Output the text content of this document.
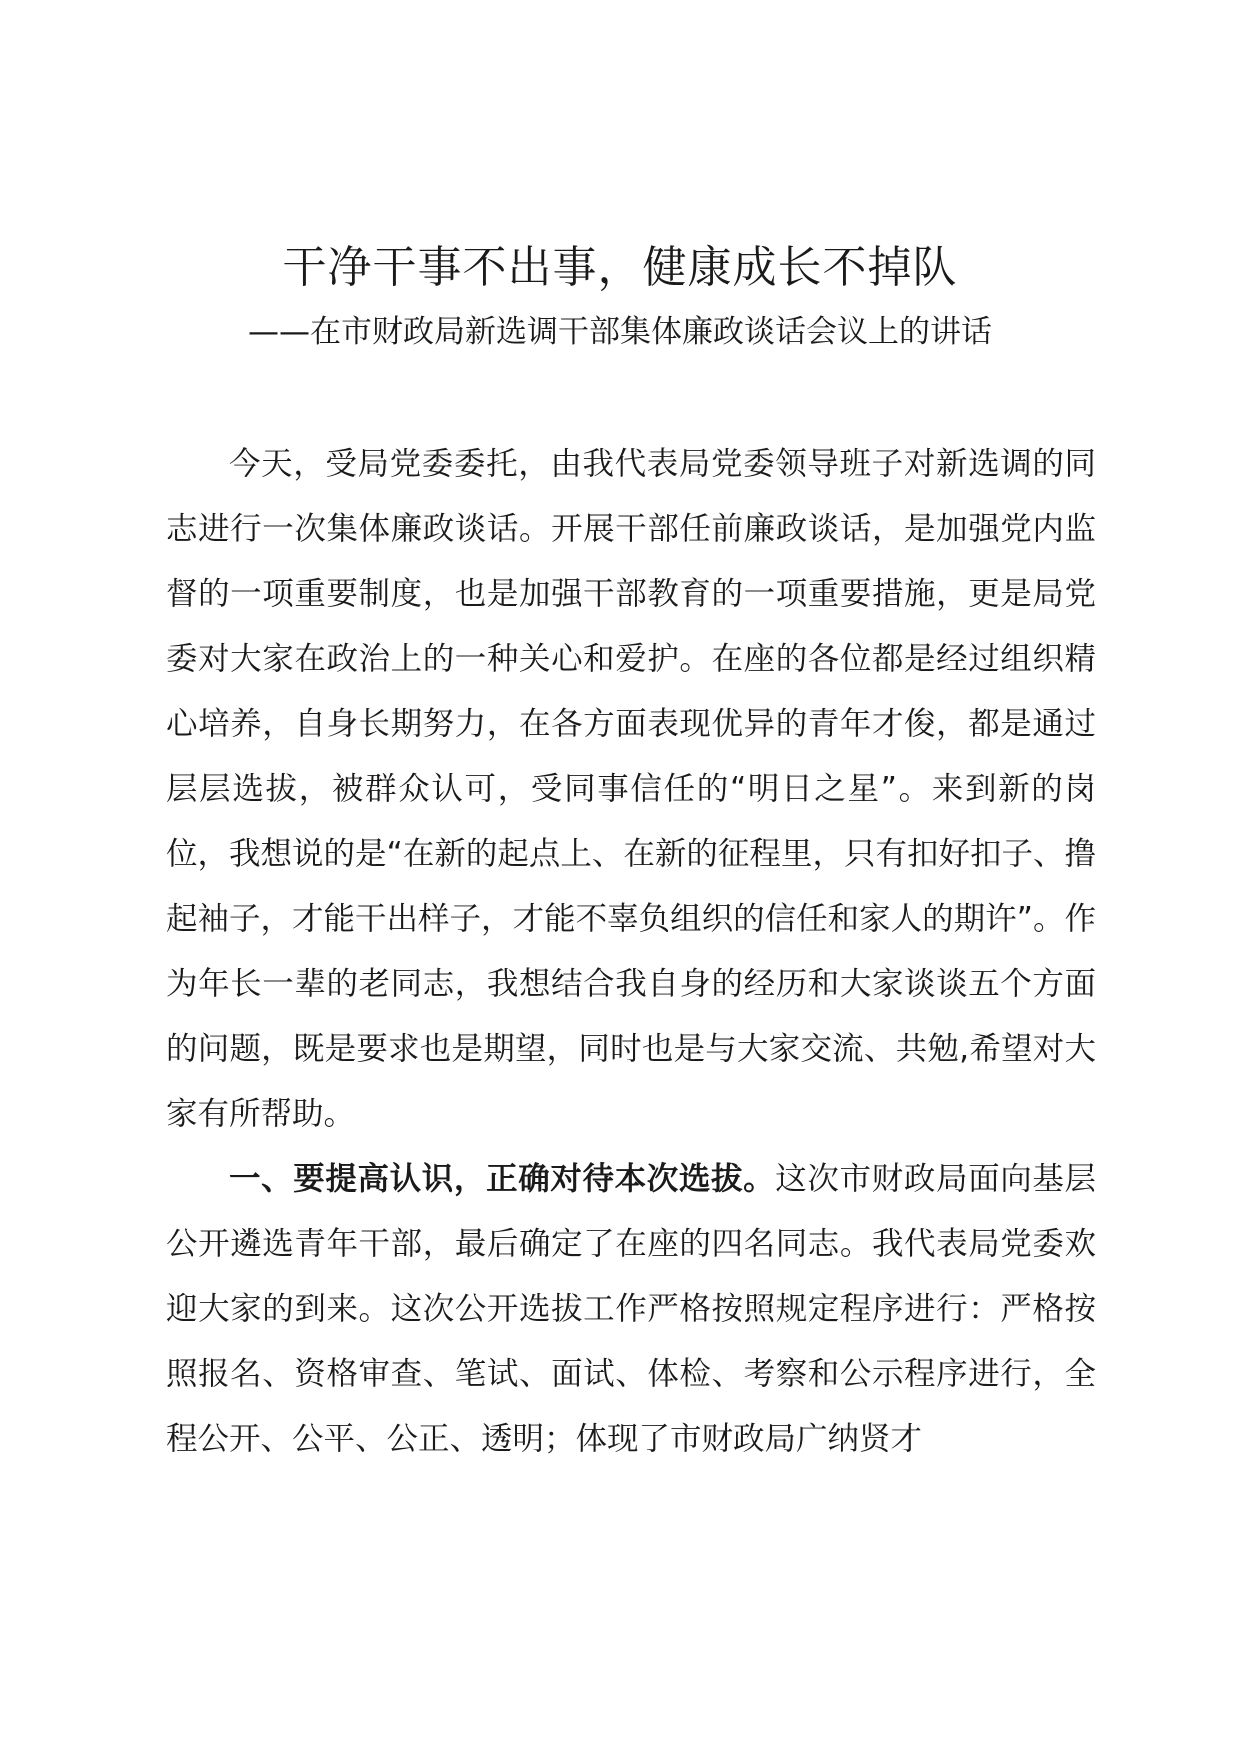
干净干事不出事，健康成长不掉队
——在市财政局新选调干部集体廉政谈话会议上的讲话

今天，受局党委委托，由我代表局党委领导班子对新选调的同志进行一次集体廉政谈话。开展干部任前廉政谈话，是加强党内监督的一项重要制度，也是加强干部教育的一项重要措施，更是局党委对大家在政治上的一种关心和爱护。在座的各位都是经过组织精心培养，自身长期努力，在各方面表现优异的青年才俊，都是通过层层选拔，被群众认可，受同事信任的“明日之星”。来到新的岗位，我想说的是“在新的起点上、在新的征程里，只有扣好扣子、撸起袖子，才能干出样子，才能不辜负组织的信任和家人的期许”。作为年长一辈的老同志，我想结合我自身的经历和大家谈谈五个方面的问题，既是要求也是期望，同时也是与大家交流、共勉,希望对大家有所帮助。

一、要提高认识，正确对待本次选拔。这次市财政局面向基层公开遴选青年干部，最后确定了在座的四名同志。我代表局党委欢迎大家的到来。这次公开选拔工作严格按照规定程序进行：严格按照报名、资格审查、笔试、面试、体检、考察和公示程序进行，全程公开、公平、公正、透明；体现了市财政局广纳贤才
